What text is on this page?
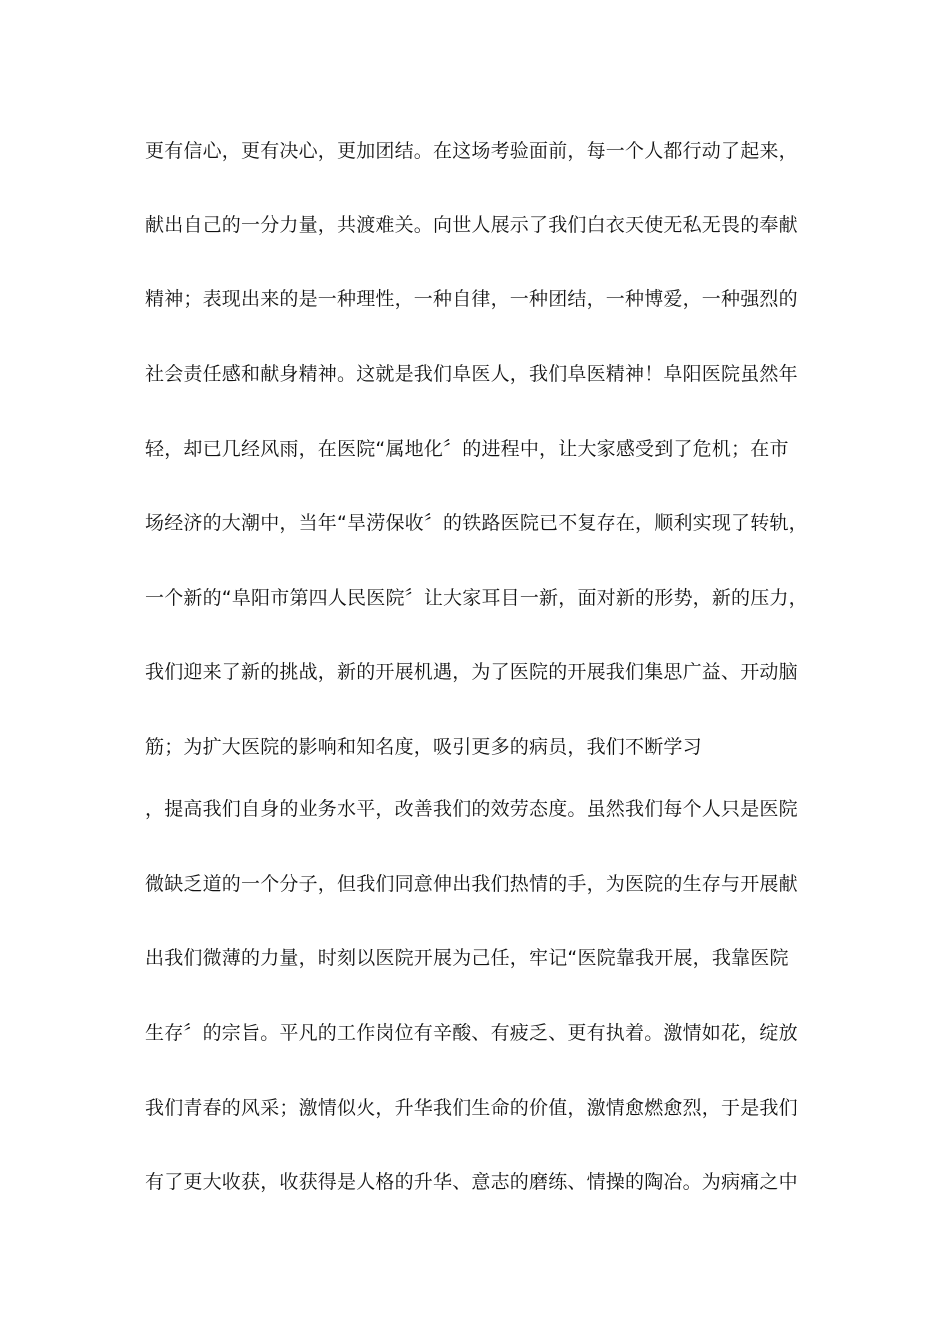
更有信心，更有决心，更加团结。在这场考验面前，每一个人都行动了起来，
献出自己的一分力量，共渡难关。向世人展示了我们白衣天使无私无畏的奉献
精神；表现出来的是一种理性，一种自律，一种团结，一种博爱，一种强烈的
社会责任感和献身精神。这就是我们阜医人，我们阜医精神！阜阳医院虽然年
轻，却已几经风雨，在医院“属地化〞的进程中，让大家感受到了危机；在市
场经济的大潮中，当年“旱涝保收〞的铁路医院已不复存在，顺利实现了转轨，
一个新的“阜阳市第四人民医院〞让大家耳目一新，面对新的形势，新的压力，
我们迎来了新的挑战，新的开展机遇，为了医院的开展我们集思广益、开动脑
筋；为扩大医院的影响和知名度，吸引更多的病员，我们不断学习
，提高我们自身的业务水平，改善我们的效劳态度。虽然我们每个人只是医院
微缺乏道的一个分子，但我们同意伸出我们热情的手，为医院的生存与开展献
出我们微薄的力量，时刻以医院开展为己任，牢记“医院靠我开展，我靠医院
生存〞的宗旨。平凡的工作岗位有辛酸、有疲乏、更有执着。激情如花，绽放
我们青春的风采；激情似火，升华我们生命的价值，激情愈燃愈烈，于是我们
有了更大收获，收获得是人格的升华、意志的磨练、情操的陶冶。为病痛之中
